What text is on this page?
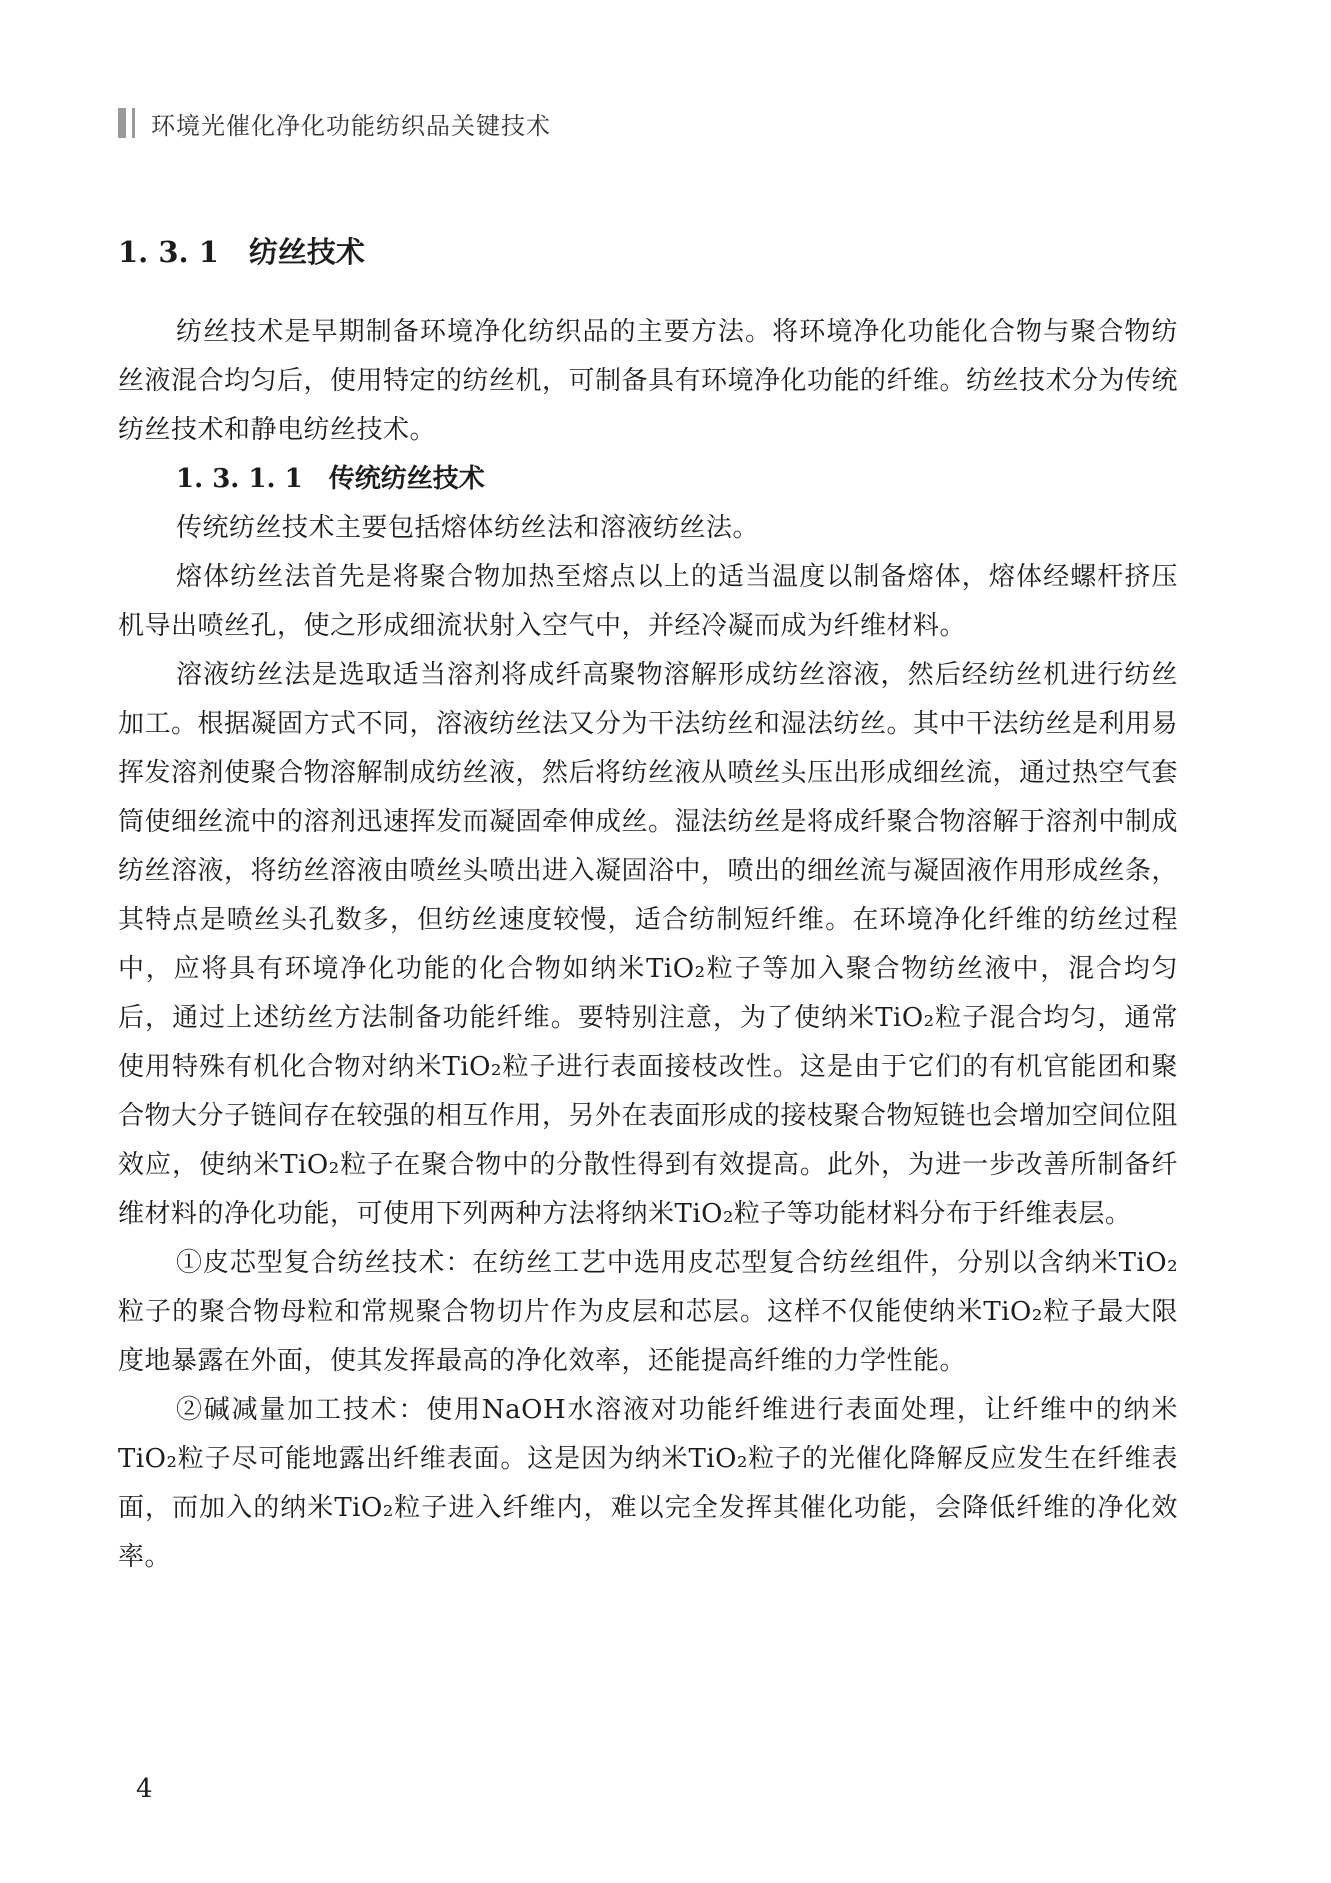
环境光催化净化功能纺织品关键技术
1. 3. 1 纺丝技术

纺丝技术是早期制备环境净化纺织品的主要方法。将环境净化功能化合物与聚合物纺丝液混合均匀后，使用特定的纺丝机，可制备具有环境净化功能的纤维。纺丝技术分为传统纺丝技术和静电纺丝技术。

1. 3. 1. 1 传统纺丝技术

传统纺丝技术主要包括熔体纺丝法和溶液纺丝法。

熔体纺丝法首先是将聚合物加热至熔点以上的适当温度以制备熔体，熔体经螺杆挤压机导出喷丝孔，使之形成细流状射入空气中，并经冷凝而成为纤维材料。

溶液纺丝法是选取适当溶剂将成纤高聚物溶解形成纺丝溶液，然后经纺丝机进行纺丝加工。根据凝固方式不同，溶液纺丝法又分为干法纺丝和湿法纺丝。其中干法纺丝是利用易挥发溶剂使聚合物溶解制成纺丝液，然后将纺丝液从喷丝头压出形成细丝流，通过热空气套筒使细丝流中的溶剂迅速挥发而凝固牵伸成丝。湿法纺丝是将成纤聚合物溶解于溶剂中制成纺丝溶液，将纺丝溶液由喷丝头喷出进入凝固浴中，喷出的细丝流与凝固液作用形成丝条，其特点是喷丝头孔数多，但纺丝速度较慢，适合纺制短纤维。在环境净化纤维的纺丝过程中，应将具有环境净化功能的化合物如纳米TiO₂粒子等加入聚合物纺丝液中，混合均匀后，通过上述纺丝方法制备功能纤维。要特别注意，为了使纳米TiO₂粒子混合均匀，通常使用特殊有机化合物对纳米TiO₂粒子进行表面接枝改性。这是由于它们的有机官能团和聚合物大分子链间存在较强的相互作用，另外在表面形成的接枝聚合物短链也会增加空间位阻效应，使纳米TiO₂粒子在聚合物中的分散性得到有效提高。此外，为进一步改善所制备纤维材料的净化功能，可使用下列两种方法将纳米TiO₂粒子等功能材料分布于纤维表层。

①皮芯型复合纺丝技术：在纺丝工艺中选用皮芯型复合纺丝组件，分别以含纳米TiO₂粒子的聚合物母粒和常规聚合物切片作为皮层和芯层。这样不仅能使纳米TiO₂粒子最大限度地暴露在外面，使其发挥最高的净化效率，还能提高纤维的力学性能。

②碱减量加工技术：使用NaOH水溶液对功能纤维进行表面处理，让纤维中的纳米TiO₂粒子尽可能地露出纤维表面。这是因为纳米TiO₂粒子的光催化降解反应发生在纤维表面，而加入的纳米TiO₂粒子进入纤维内，难以完全发挥其催化功能，会降低纤维的净化效率。

4
